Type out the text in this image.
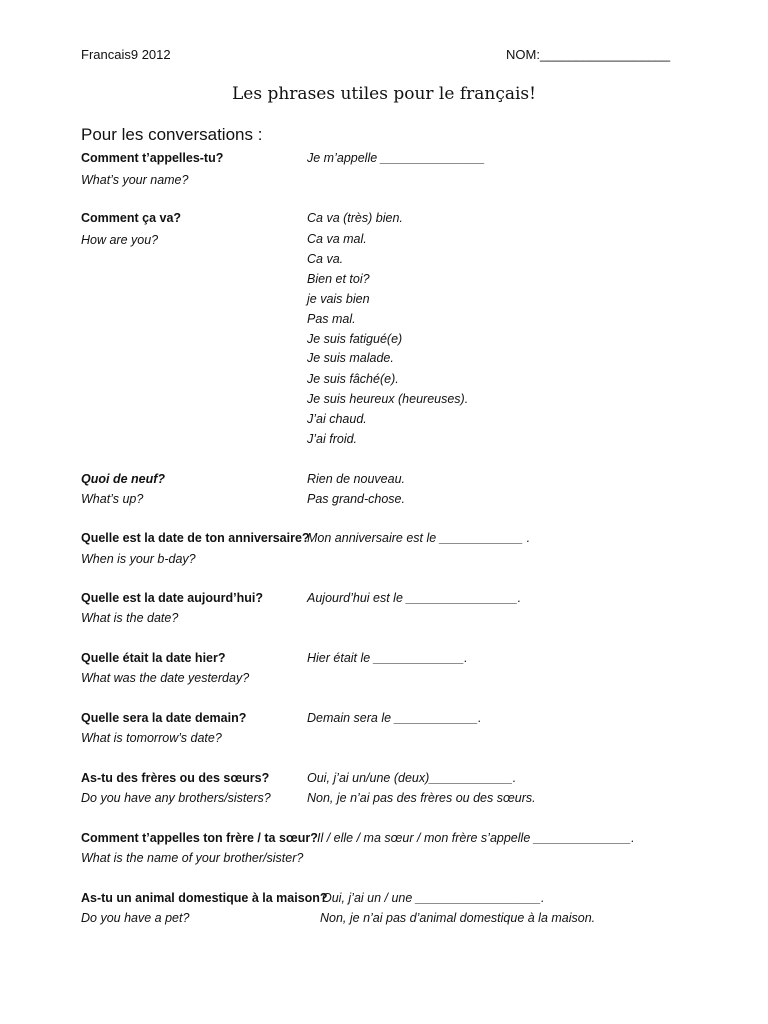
Francais9 2012	NOM:__________________
Les phrases utiles pour le français!
Pour les conversations :
Comment t’appelles-tu?
What’s your name?
Je m’appelle _______________
Comment ça va?
How are you?
Ca va (très) bien.
Ca va mal.
Ca va.
Bien et toi?
je vais bien
Pas mal.
Je suis fatigué(e)
Je suis malade.
Je suis fâché(e).
Je suis heureux (heureuses).
J’ai chaud.
J’ai froid.
Quoi de neuf?
What’s up?
Rien de nouveau.
Pas grand-chose.
Quelle est la date de ton anniversaire?
When is your b-day?
Mon anniversaire est le ____________ .
Quelle est la date aujourd’hui?
What is the date?
Aujourd’hui est le ________________.
Quelle était la date hier?
What was the date yesterday?
Hier était le _____________.
Quelle sera la date demain?
What is tomorrow’s date?
Demain sera le ____________.
As-tu des frères ou des sœurs?
Do you have any brothers/sisters?
Oui, j’ai un/une (deux)____________.
Non, je n’ai pas des frères ou des sœurs.
Comment t’appelles ton frère / ta sœur?
What is the name of your brother/sister?
Il / elle / ma sœur / mon frère s’appelle ______________.
As-tu un animal domestique à la maison?
Do you have a pet?
Oui, j’ai un / une __________________.
Non, je n’ai pas d’animal domestique à la maison.
